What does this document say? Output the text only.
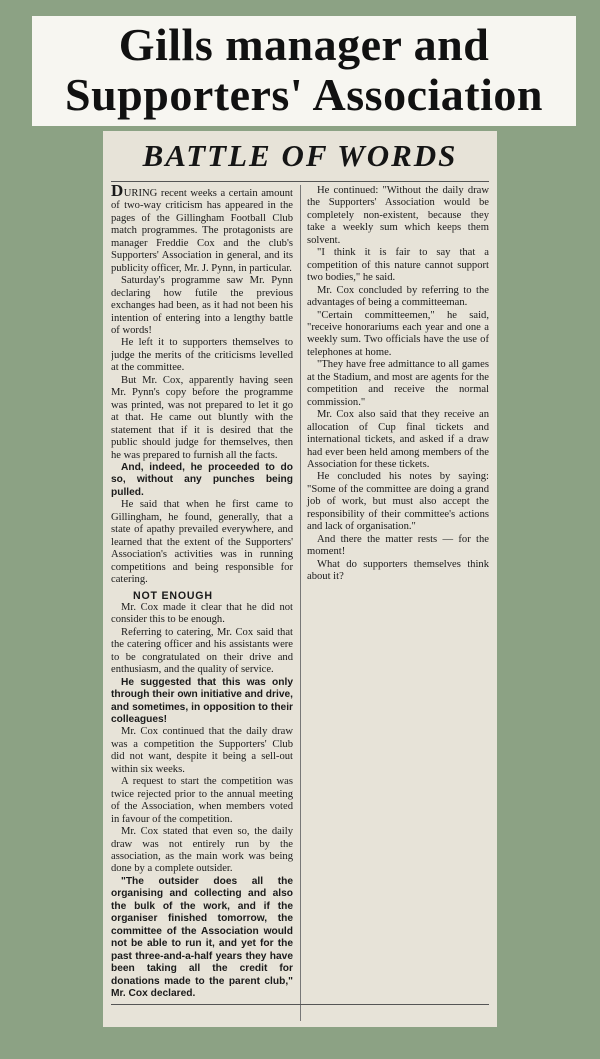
Gills manager and
Supporters' Association
BATTLE OF WORDS

DURING recent weeks a certain amount of two-way criticism has appeared in the pages of the Gillingham Football Club match programmes. The protagonists are manager Freddie Cox and the club's Supporters' Association in general, and its publicity officer, Mr. J. Pynn, in particular.

Saturday's programme saw Mr. Pynn declaring how futile the previous exchanges had been, as it had not been his intention of entering into a lengthy battle of words!

He left it to supporters themselves to judge the merits of the criticisms levelled at the committee.

But Mr. Cox, apparently having seen Mr. Pynn's copy before the programme was printed, was not prepared to let it go at that. He came out bluntly with the statement that if it is desired that the public should judge for themselves, then he was prepared to furnish all the facts.

And, indeed, he proceeded to do so, without any punches being pulled.

He said that when he first came to Gillingham, he found, generally, that a state of apathy prevailed everywhere, and learned that the extent of the Supporters' Association's activities was in running competitions and being responsible for catering.

NOT ENOUGH

Mr. Cox made it clear that he did not consider this to be enough.

Referring to catering, Mr. Cox said that the catering officer and his assistants were to be congratulated on their drive and enthusiasm, and the quality of service.

He suggested that this was only through their own initiative and drive, and sometimes, in opposition to their colleagues!

Mr. Cox continued that the daily draw was a competition the Supporters' Club did not want, despite it being a sell-out within six weeks.

A request to start the competition was twice rejected prior to the annual meeting of the Association, when members voted in favour of the competition.

Mr. Cox stated that even so, the daily draw was not entirely run by the association, as the main work was being done by a complete outsider.

"The outsider does all the organising and collecting and also the bulk of the work, and if the organiser finished tomorrow, the committee of the Association would not be able to run it, and yet for the past three-and-a-half years they have been taking all the credit for donations made to the parent club," Mr. Cox declared.

He continued: "Without the daily draw the Supporters' Association would be completely non-existent, because they take a weekly sum which keeps them solvent.

"I think it is fair to say that a competition of this nature cannot support two bodies," he said.

Mr. Cox concluded by referring to the advantages of being a committeeman.

"Certain committeemen," he said, "receive honorariums each year and one a weekly sum. Two officials have the use of telephones at home.

"They have free admittance to all games at the Stadium, and most are agents for the competition and receive the normal commission."

Mr. Cox also said that they receive an allocation of Cup final tickets and international tickets, and asked if a draw had ever been held among members of the Association for these tickets.

He concluded his notes by saying: "Some of the committee are doing a grand job of work, but must also accept the responsibility of their committee's actions and lack of organisation."

And there the matter rests — for the moment!

What do supporters themselves think about it?
